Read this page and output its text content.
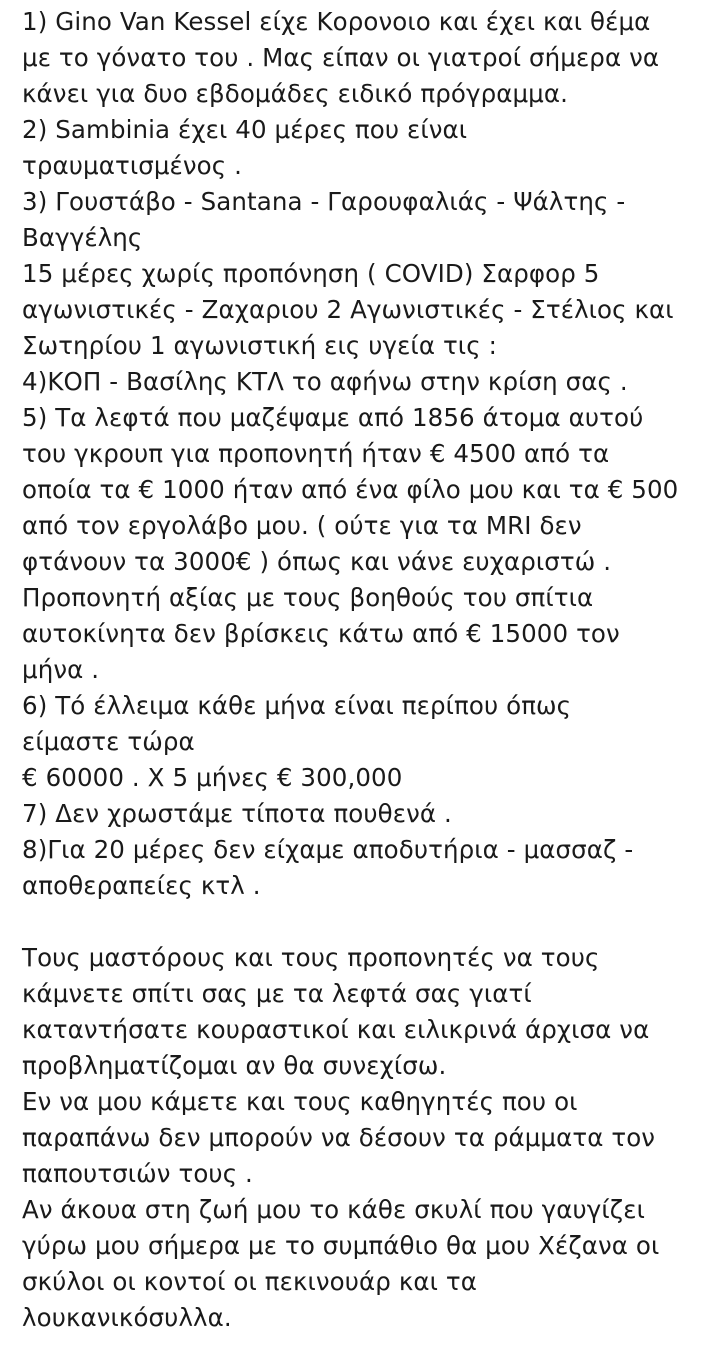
1) Gino Van Kessel είχε Κορονοιο και έχει και θέμα
με το γόνατο του . Μας είπαν οι γιατροί σήμερα να
κάνει για δυο εβδομάδες ειδικό πρόγραμμα.
2) Sambinia έχει 40 μέρες που είναι
τραυματισμένος .
3) Γουστάβο - Santana - Γαρουφαλιάς - Ψάλτης -
Βαγγέλης
15 μέρες χωρίς προπόνηση ( COVID) Σαρφορ 5
αγωνιστικές - Ζαχαριου 2 Αγωνιστικές - Στέλιος και
Σωτηρίου 1 αγωνιστική εις υγεία τις :
4)ΚΟΠ - Βασίλης ΚΤΛ το αφήνω στην κρίση σας .
5) Τα λεφτά που μαζέψαμε από 1856 άτομα αυτού
του γκρουπ για προπονητή ήταν € 4500 από τα
οποία τα € 1000 ήταν από ένα φίλο μου και τα € 500
από τον εργολάβο μου. ( ούτε για τα MRI δεν
φτάνουν τα 3000€ ) όπως και νάνε ευχαριστώ .
Προπονητή αξίας με τους βοηθούς του σπίτια
αυτοκίνητα δεν βρίσκεις κάτω από € 15000 τον
μήνα .
6) Τό έλλειμα κάθε μήνα είναι περίπου όπως
είμαστε τώρα
€ 60000 . Χ 5 μήνες € 300,000
7) Δεν χρωστάμε τίποτα πουθενά .
8)Για 20 μέρες δεν είχαμε αποδυτήρια - μασσαζ -
αποθεραπείες κτλ .
Τους μαστόρους και τους προπονητές να τους
κάμνετε σπίτι σας με τα λεφτά σας γιατί
καταντήσατε κουραστικοί και ειλικρινά άρχισα να
προβληματίζομαι αν θα συνεχίσω.
Εν να μου κάμετε και τους καθηγητές που οι
παραπάνω δεν μπορούν να δέσουν τα ράμματα τον
παπουτσιών τους .
Αν άκουα στη ζωή μου το κάθε σκυλί που γαυγίζει
γύρω μου σήμερα με το συμπάθιο θα μου Χέζανα οι
σκύλοι οι κοντοί οι πεκινουάρ και τα
λουκανικόσυλλα.
